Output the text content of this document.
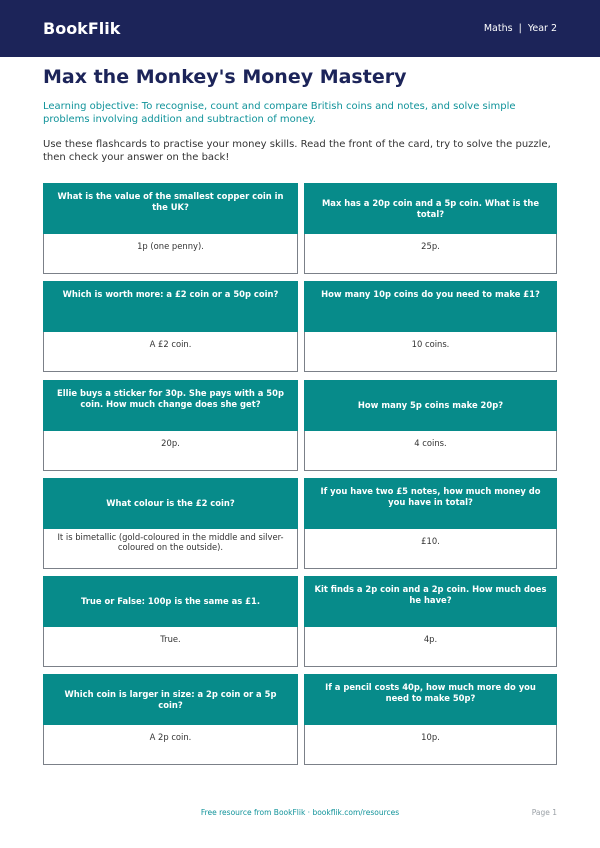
BookFlik	Maths  |  Year 2
Max the Monkey's Money Mastery

Learning objective: To recognise, count and compare British coins and notes, and solve simple problems involving addition and subtraction of money.

Use these flashcards to practise your money skills. Read the front of the card, try to solve the puzzle, then check your answer on the back!

What is the value of the smallest copper coin in the UK?
1p (one penny).
Max has a 20p coin and a 5p coin. What is the total?
25p.
Which is worth more: a £2 coin or a 50p coin?
A £2 coin.
How many 10p coins do you need to make £1?
10 coins.
Ellie buys a sticker for 30p. She pays with a 50p coin. How much change does she get?
20p.
How many 5p coins make 20p?
4 coins.
What colour is the £2 coin?
It is bimetallic (gold-coloured in the middle and silver-coloured on the outside).
If you have two £5 notes, how much money do you have in total?
£10.
True or False: 100p is the same as £1.
True.
Kit finds a 2p coin and a 2p coin. How much does he have?
4p.
Which coin is larger in size: a 2p coin or a 5p coin?
A 2p coin.
If a pencil costs 40p, how much more do you need to make 50p?
10p.
Free resource from BookFlik · bookflik.com/resources	Page 1
